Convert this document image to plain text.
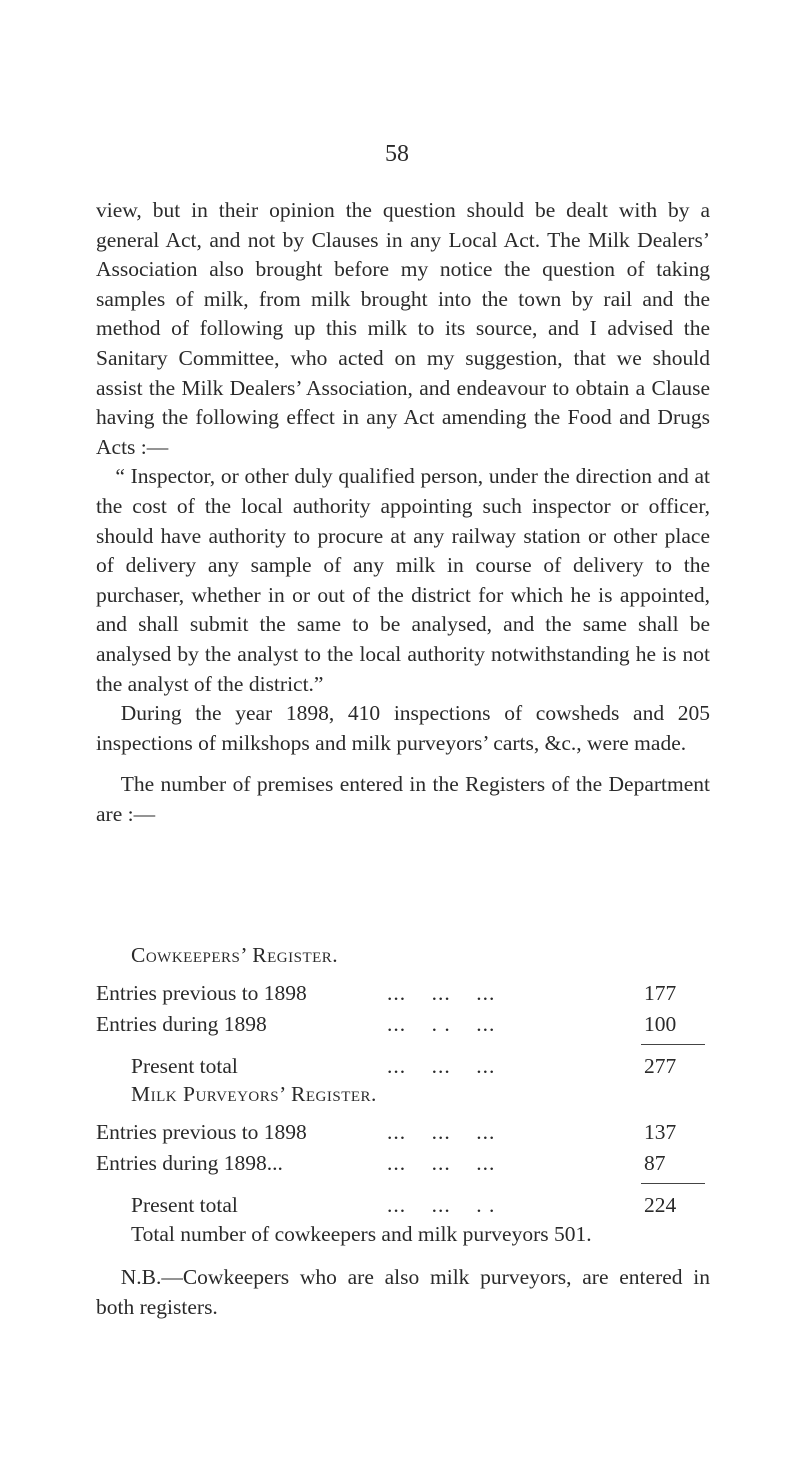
58

view, but in their opinion the question should be dealt with by a general Act, and not by Clauses in any Local Act. The Milk Dealers’ Association also brought before my notice the question of taking samples of milk, from milk brought into the town by rail and the method of following up this milk to its source, and I advised the Sanitary Committee, who acted on my suggestion, that we should assist the Milk Dealers’ Association, and endeavour to obtain a Clause having the following effect in any Act amending the Food and Drugs Acts :—

“ Inspector, or other duly qualified person, under the direction and at the cost of the local authority appointing such inspector or officer, should have authority to procure at any railway station or other place of delivery any sample of any milk in course of delivery to the purchaser, whether in or out of the district for which he is appointed, and shall submit the same to be analysed, and the same shall be analysed by the analyst to the local authority notwithstanding he is not the analyst of the district.”

During the year 1898, 410 inspections of cowsheds and 205 inspections of milkshops and milk purveyors’ carts, &c., were made.

The number of premises entered in the Registers of the Department are :—

Cowkeepers’ Register.
Entries previous to 1898	...    ...    ...	177
Entries during 1898	...    . .    ...	100
Present total	...    ...    ...	277
Milk Purveyors’ Register.
Entries previous to 1898	...    ...    ...	137
Entries during 1898...	...    ...    ...	87
Present total	...    ...    . .	224
Total number of cowkeepers and milk purveyors 501.

N.B.—Cowkeepers who are also milk purveyors, are entered in both registers.
